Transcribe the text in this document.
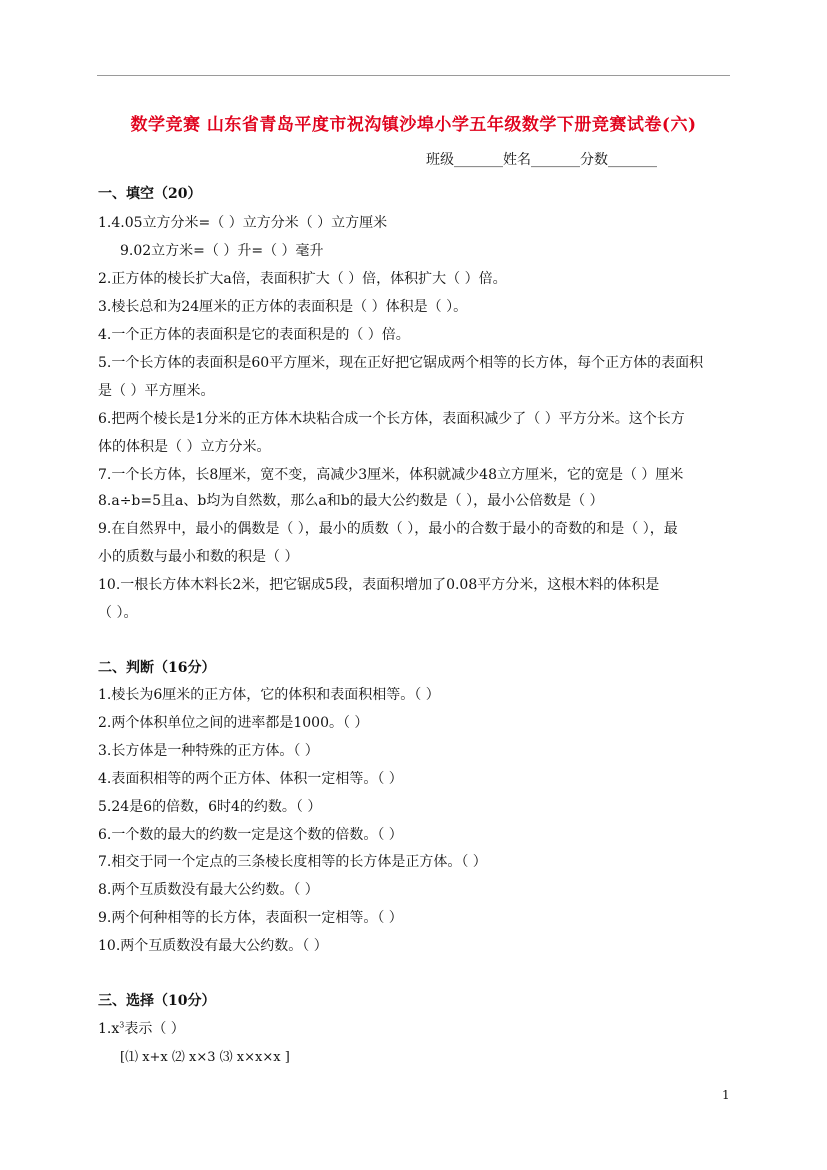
数学竞赛 山东省青岛平度市祝沟镇沙埠小学五年级数学下册竞赛试卷(六)
班级_______姓名_______分数_______
一、填空（20）
1.4.05立方分米=（ ）立方分米（ ）立方厘米
9.02立方米=（ ）升=（ ）毫升
2.正方体的棱长扩大a倍，表面积扩大（ ）倍，体积扩大（ ）倍。
3.棱长总和为24厘米的正方体的表面积是（ ）体积是（ ）。
4.一个正方体的表面积是它的表面积是的（ ）倍。
5.一个长方体的表面积是60平方厘米，现在正好把它锯成两个相等的长方体，每个正方体的表面积
是（ ）平方厘米。
6.把两个棱长是1分米的正方体木块粘合成一个长方体，表面积减少了（ ）平方分米。这个长方
体的体积是（ ）立方分米。
7.一个长方体，长8厘米，宽不变，高减少3厘米，体积就减少48立方厘米，它的宽是（ ）厘米
8.a÷b=5且a、b均为自然数，那么a和b的最大公约数是（ ），最小公倍数是（ ）
9.在自然界中，最小的偶数是（ ），最小的质数（ ），最小的合数于最小的奇数的和是（ ），最
小的质数与最小和数的积是（ ）
10.一根长方体木料长2米，把它锯成5段，表面积增加了0.08平方分米，这根木料的体积是
（ ）。
二、判断（16分）
1.棱长为6厘米的正方体，它的体积和表面积相等。（ ）
2.两个体积单位之间的进率都是1000。（ ）
3.长方体是一种特殊的正方体。（ ）
4.表面积相等的两个正方体、体积一定相等。（ ）
5.24是6的倍数，6时4的约数。（ ）
6.一个数的最大的约数一定是这个数的倍数。（ ）
7.相交于同一个定点的三条棱长度相等的长方体是正方体。（ ）
8.两个互质数没有最大公约数。（ ）
9.两个何种相等的长方体，表面积一定相等。（ ）
10.两个互质数没有最大公约数。（ ）
三、选择（10分）
$1.x^3$表示（ ）
[⑴ x+x ⑵ x×3 ⑶ x×x×x ]
1
